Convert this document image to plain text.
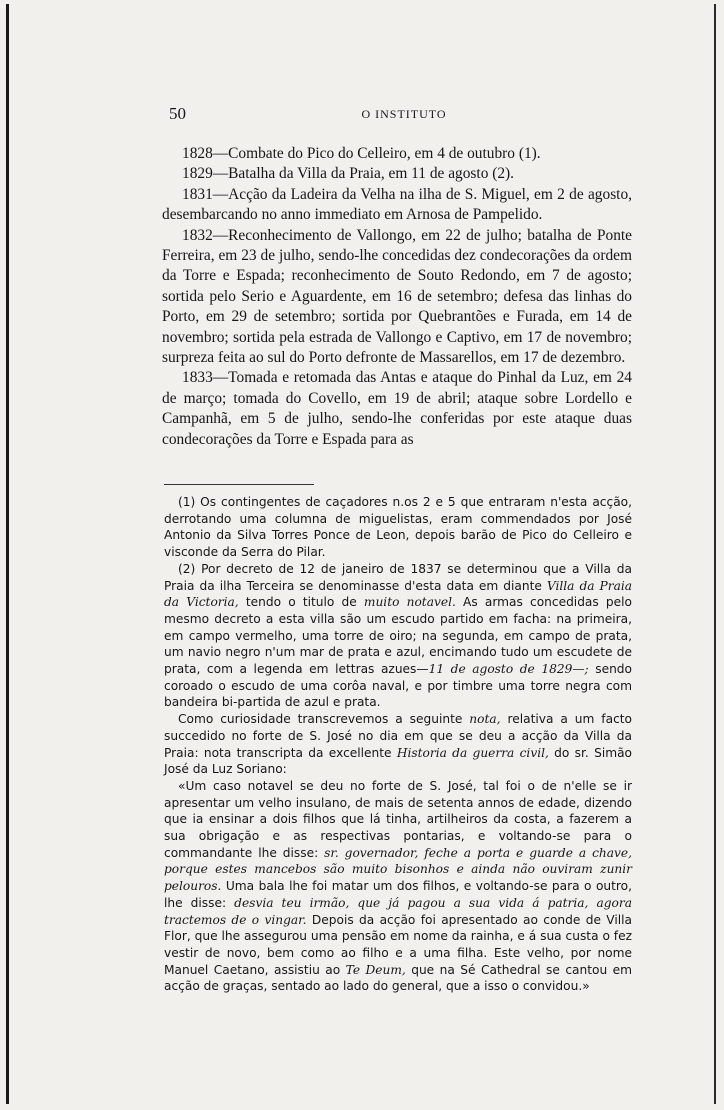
50	O INSTITUTO

1828—Combate do Pico do Celleiro, em 4 de outubro (1).

1829—Batalha da Villa da Praia, em 11 de agosto (2).

1831—Acção da Ladeira da Velha na ilha de S. Miguel, em 2 de agosto, desembarcando no anno immediato em Arnosa de Pampelido.

1832—Reconhecimento de Vallongo, em 22 de julho; batalha de Ponte Ferreira, em 23 de julho, sendo-lhe concedidas dez condecorações da ordem da Torre e Espada; reconhecimento de Souto Redondo, em 7 de agosto; sortida pelo Serio e Aguardente, em 16 de setembro; defesa das linhas do Porto, em 29 de setembro; sortida por Quebrantões e Furada, em 14 de novembro; sortida pela estrada de Vallongo e Captivo, em 17 de novembro; surpreza feita ao sul do Porto defronte de Massarellos, em 17 de dezembro.

1833—Tomada e retomada das Antas e ataque do Pinhal da Luz, em 24 de março; tomada do Covello, em 19 de abril; ataque sobre Lordello e Campanhã, em 5 de julho, sendo-lhe conferidas por este ataque duas condecorações da Torre e Espada para as

(1) Os contingentes de caçadores n.os 2 e 5 que entraram n'esta acção, derrotando uma columna de miguelistas, eram commendados por José Antonio da Silva Torres Ponce de Leon, depois barão de Pico do Celleiro e visconde da Serra do Pilar.

(2) Por decreto de 12 de janeiro de 1837 se determinou que a Villa da Praia da ilha Terceira se denominasse d'esta data em diante Villa da Praia da Victoria, tendo o titulo de muito notavel. As armas concedidas pelo mesmo decreto a esta villa são um escudo partido em facha: na primeira, em campo vermelho, uma torre de oiro; na segunda, em campo de prata, um navio negro n'um mar de prata e azul, encimando tudo um escudete de prata, com a legenda em lettras azues—11 de agosto de 1829—; sendo coroado o escudo de uma corôa naval, e por timbre uma torre negra com bandeira bi-partida de azul e prata.

Como curiosidade transcrevemos a seguinte nota, relativa a um facto succedido no forte de S. José no dia em que se deu a acção da Villa da Praia: nota transcripta da excellente Historia da guerra civil, do sr. Simão José da Luz Soriano:

«Um caso notavel se deu no forte de S. José, tal foi o de n'elle se ir apresentar um velho insulano, de mais de setenta annos de edade, dizendo que ia ensinar a dois filhos que lá tinha, artilheiros da costa, a fazerem a sua obrigação e as respectivas pontarias, e voltando-se para o commandante lhe disse: sr. governador, feche a porta e guarde a chave, porque estes mancebos são muito bisonhos e ainda não ouviram zunir pelouros. Uma bala lhe foi matar um dos filhos, e voltando-se para o outro, lhe disse: desvia teu irmão, que já pagou a sua vida á patria, agora tractemos de o vingar. Depois da acção foi apresentado ao conde de Villa Flor, que lhe assegurou uma pensão em nome da rainha, e á sua custa o fez vestir de novo, bem como ao filho e a uma filha. Este velho, por nome Manuel Caetano, assistiu ao Te Deum, que na Sé Cathedral se cantou em acção de graças, sentado ao lado do general, que a isso o convidou.»
